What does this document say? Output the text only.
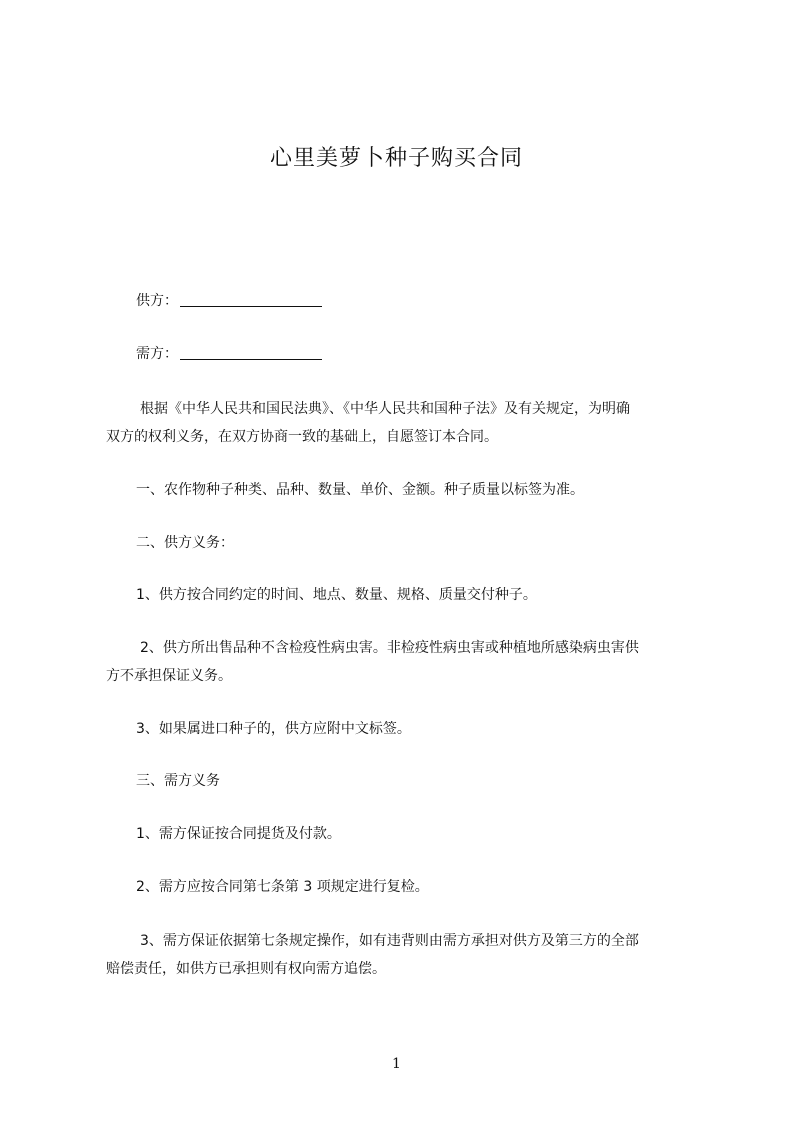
心里美萝卜种子购买合同
供方：
需方：
根据《中华人民共和国民法典》、《中华人民共和国种子法》及有关规定，为明确
双方的权利义务，在双方协商一致的基础上，自愿签订本合同。
一、农作物种子种类、品种、数量、单价、金额。种子质量以标签为准。
二、供方义务：
1、供方按合同约定的时间、地点、数量、规格、质量交付种子。
2、供方所出售品种不含检疫性病虫害。非检疫性病虫害或种植地所感染病虫害供
方不承担保证义务。
3、如果属进口种子的，供方应附中文标签。
三、需方义务
1、需方保证按合同提货及付款。
2、需方应按合同第七条第 3 项规定进行复检。
3、需方保证依据第七条规定操作，如有违背则由需方承担对供方及第三方的全部
赔偿责任，如供方已承担则有权向需方追偿。
1
